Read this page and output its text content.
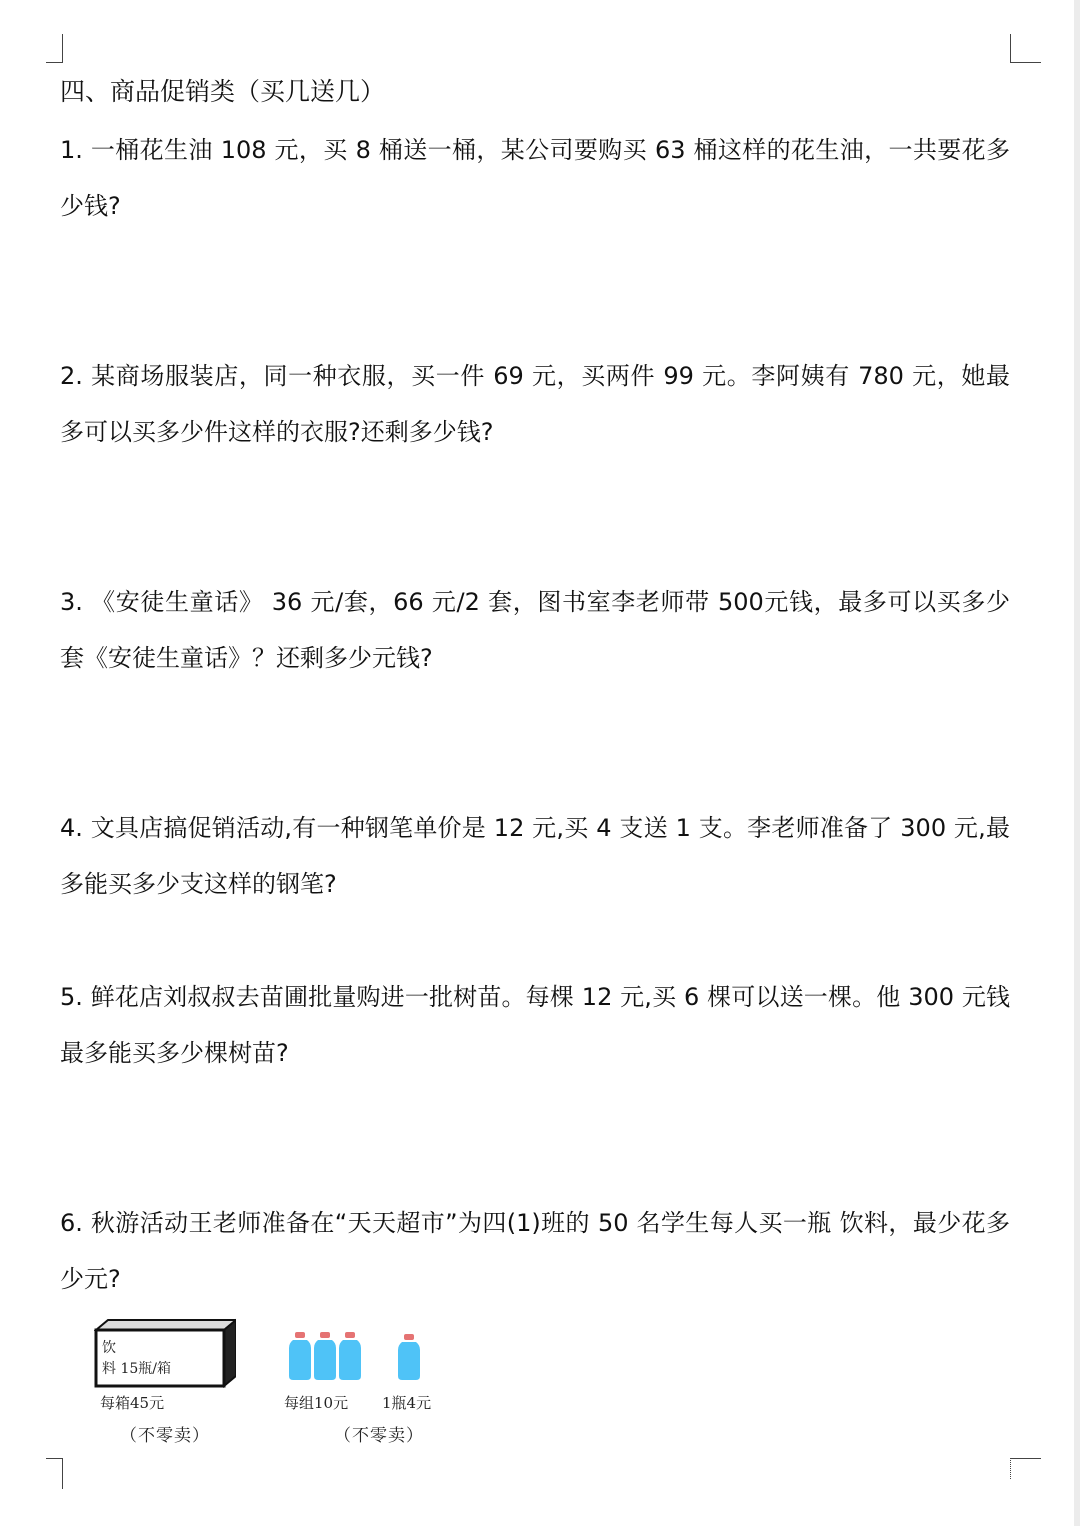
四、商品促销类（买几送几）

1. 一桶花生油 108 元，买 8 桶送一桶，某公司要购买 63 桶这样的花生油，一共要花多少钱?

2. 某商场服装店，同一种衣服，买一件 69 元，买两件 99 元。李阿姨有 780 元，她最多可以买多少件这样的衣服?还剩多少钱?

3. 《安徒生童话》 36 元/套，66 元/2 套，图书室李老师带 500元钱，最多可以买多少套《安徒生童话》？还剩多少元钱?

4. 文具店搞促销活动,有一种钢笔单价是 12 元,买 4 支送 1 支。李老师准备了 300 元,最多能买多少支这样的钢笔?

5. 鲜花店刘叔叔去苗圃批量购进一批树苗。每棵 12 元,买 6 棵可以送一棵。他 300 元钱最多能买多少棵树苗?

6. 秋游活动王老师准备在“天天超市”为四(1)班的 50 名学生每人买一瓶 饮料，最少花多少元?

饮
料 15瓶/箱
每箱45元
（不零卖）
每组10元 1瓶4元
（不零卖）
